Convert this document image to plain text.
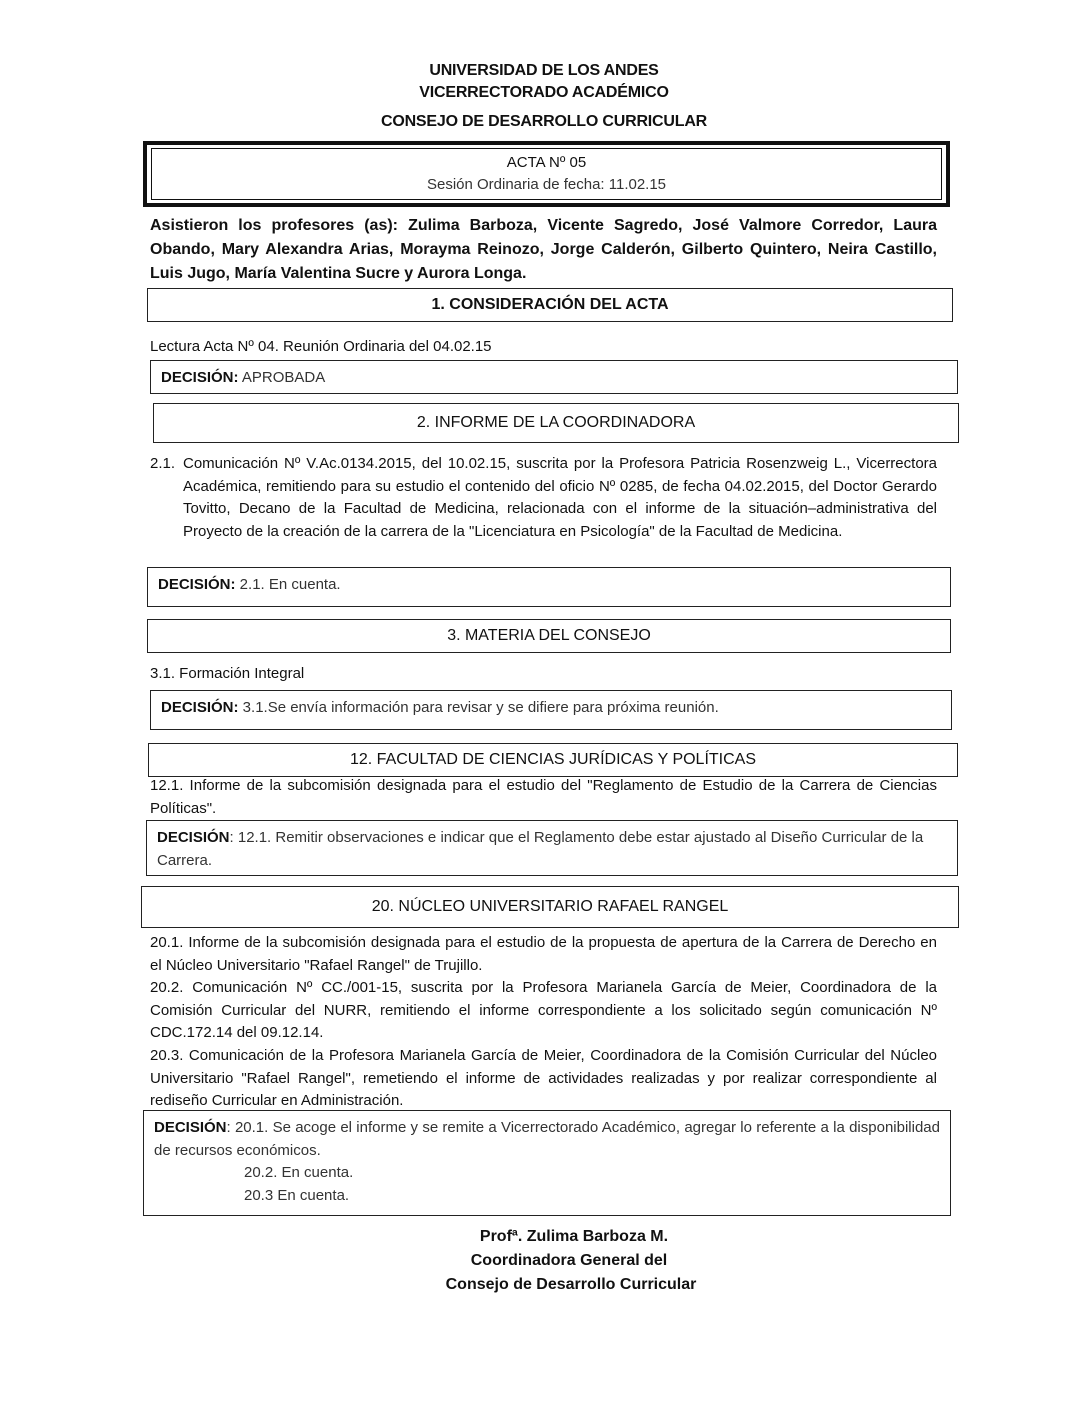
UNIVERSIDAD DE LOS ANDES
VICERRECTORADO ACADÉMICO
CONSEJO DE DESARROLLO CURRICULAR
ACTA Nº 05
Sesión Ordinaria de fecha: 11.02.15
Asistieron los profesores (as): Zulima Barboza, Vicente Sagredo, José Valmore Corredor, Laura Obando, Mary Alexandra Arias, Morayma Reinozo, Jorge Calderón, Gilberto Quintero, Neira Castillo, Luis Jugo, María Valentina Sucre y Aurora Longa.
1. CONSIDERACIÓN DEL ACTA
Lectura Acta Nº 04. Reunión Ordinaria del 04.02.15
DECISIÓN: APROBADA
2. INFORME DE LA COORDINADORA
2.1. Comunicación Nº V.Ac.0134.2015, del 10.02.15, suscrita por la Profesora Patricia Rosenzweig L., Vicerrectora Académica, remitiendo para su estudio el contenido del oficio Nº 0285, de fecha 04.02.2015, del Doctor Gerardo Tovitto, Decano de la Facultad de Medicina, relacionada con el informe de la situación–administrativa del Proyecto de la creación de la carrera de la "Licenciatura en Psicología" de la Facultad de Medicina.
DECISIÓN: 2.1. En cuenta.
3. MATERIA DEL CONSEJO
3.1. Formación Integral
DECISIÓN: 3.1.Se envía información para revisar y se difiere para próxima reunión.
12. FACULTAD DE CIENCIAS JURÍDICAS Y POLÍTICAS
12.1. Informe de la subcomisión designada para el estudio del "Reglamento de Estudio de la Carrera de Ciencias Políticas".
DECISIÓN: 12.1. Remitir observaciones e indicar que el Reglamento debe estar ajustado al Diseño Curricular de la Carrera.
20. NÚCLEO UNIVERSITARIO RAFAEL RANGEL
20.1. Informe de la subcomisión designada para el estudio de la propuesta de apertura de la Carrera de Derecho en el Núcleo Universitario "Rafael Rangel" de Trujillo.
20.2. Comunicación Nº CC./001-15, suscrita por la Profesora Marianela García de Meier, Coordinadora de la Comisión Curricular del NURR, remitiendo el informe correspondiente a los solicitado según comunicación Nº CDC.172.14 del 09.12.14.
20.3. Comunicación de la Profesora Marianela García de Meier, Coordinadora de la Comisión Curricular del Núcleo Universitario "Rafael Rangel", remetiendo el informe de actividades realizadas y por realizar correspondiente al rediseño Curricular en Administración.
DECISIÓN: 20.1. Se acoge el informe y se remite a Vicerrectorado Académico, agregar lo referente a la disponibilidad de recursos económicos.
20.2. En cuenta.
20.3 En cuenta.
Profª. Zulima Barboza M.
Coordinadora General del
Consejo de Desarrollo Curricular
